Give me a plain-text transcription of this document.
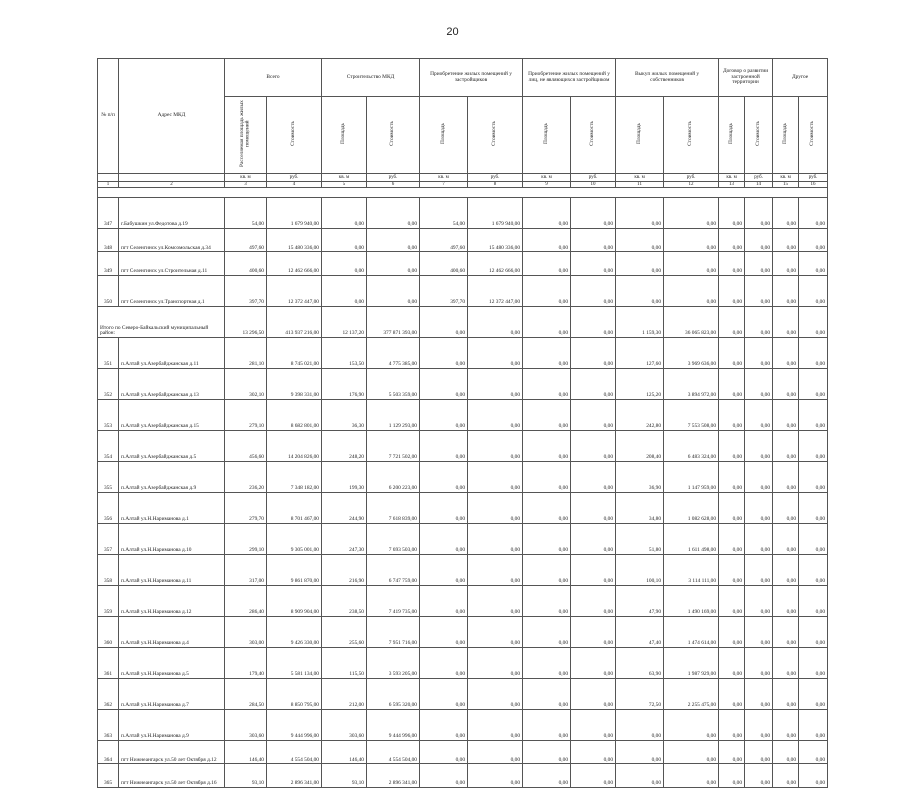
20
№ п/п	Адрес МКД	Всего		Строительство МКД		Приобретение жилых помещений у застройщиков		Приобретение жилых помещений у лиц, не являющихся застройщиком		Выкуп жилых помещений у собственников		Договор о развитии застроенной территории		Другое	
		Расселяемая площадь жилых помещений	Стоимость	Площадь	Стоимость	Площадь	Стоимость	Площадь	Стоимость	Площадь	Стоимость	Площадь	Стоимость	Площадь	Стоимость
		кв. м	руб.	кв. м	руб.	кв. м	руб.	кв. м	руб.	кв. м	руб.	кв. м	руб.	кв. м	руб.
1	2	3	4	5	6	7	8	9	10	11	12	13	14	15	16

347	г.Бабушкин ул.Федотова д.19	54,00	1 679 940,00	0,00	0,00	54,00	1 679 940,00	0,00	0,00	0,00	0,00	0,00	0,00	0,00	0,00
348	пгт Селенгинск ул.Комсомольская д.34	497,60	15 480 336,00	0,00	0,00	497,60	15 480 336,00	0,00	0,00	0,00	0,00	0,00	0,00	0,00	0,00
349	пгт Селенгинск ул.Строительная д.11	400,60	12 462 666,00	0,00	0,00	400,60	12 462 666,00	0,00	0,00	0,00	0,00	0,00	0,00	0,00	0,00
350	пгт Селенгинск ул.Транспортная д.1	397,70	12 372 447,00	0,00	0,00	397,70	12 372 447,00	0,00	0,00	0,00	0,00	0,00	0,00	0,00	0,00
Итого по Северо-Байкальский муниципальный район:		13 296,50	413 937 216,00	12 137,20	377 871 393,00	0,00	0,00	0,00	0,00	1 159,30	36 065 823,00	0,00	0,00	0,00	0,00
351	п.Алтай ул.Азербайджанская д.11	281,10	8 745 021,00	153,50	4 775 385,00	0,00	0,00	0,00	0,00	127,60	3 969 636,00	0,00	0,00	0,00	0,00
352	п.Алтай ул.Азербайджанская д.13	302,10	9 398 331,00	176,90	5 503 359,00	0,00	0,00	0,00	0,00	125,20	3 894 972,00	0,00	0,00	0,00	0,00
353	п.Алтай ул.Азербайджанская д.15	279,10	8 682 801,00	36,30	1 129 293,00	0,00	0,00	0,00	0,00	242,80	7 553 508,00	0,00	0,00	0,00	0,00
354	п.Алтай ул.Азербайджанская д.5	456,60	14 204 826,00	248,20	7 721 502,00	0,00	0,00	0,00	0,00	208,40	6 483 324,00	0,00	0,00	0,00	0,00
355	п.Алтай ул.Азербайджанская д.9	236,20	7 348 182,00	199,30	6 200 223,00	0,00	0,00	0,00	0,00	36,90	1 147 959,00	0,00	0,00	0,00	0,00
356	п.Алтай ул.Н.Нариманова д.1	279,70	8 701 467,00	244,90	7 618 839,00	0,00	0,00	0,00	0,00	34,80	1 082 628,00	0,00	0,00	0,00	0,00
357	п.Алтай ул.Н.Нариманова д.10	299,10	9 305 001,00	247,30	7 693 503,00	0,00	0,00	0,00	0,00	51,80	1 611 498,00	0,00	0,00	0,00	0,00
358	п.Алтай ул.Н.Нариманова д.11	317,00	9 861 870,00	216,90	6 747 759,00	0,00	0,00	0,00	0,00	100,10	3 114 111,00	0,00	0,00	0,00	0,00
359	п.Алтай ул.Н.Нариманова д.12	286,40	8 909 904,00	238,50	7 419 735,00	0,00	0,00	0,00	0,00	47,90	1 490 169,00	0,00	0,00	0,00	0,00
360	п.Алтай ул.Н.Нариманова д.4	303,00	9 426 330,00	255,60	7 951 716,00	0,00	0,00	0,00	0,00	47,40	1 474 614,00	0,00	0,00	0,00	0,00
361	п.Алтай ул.Н.Нариманова д.5	179,40	5 581 134,00	115,50	3 593 205,00	0,00	0,00	0,00	0,00	63,90	1 987 929,00	0,00	0,00	0,00	0,00
362	п.Алтай ул.Н.Нариманова д.7	284,50	8 850 795,00	212,00	6 595 320,00	0,00	0,00	0,00	0,00	72,50	2 255 475,00	0,00	0,00	0,00	0,00
363	п.Алтай ул.Н.Нариманова д.9	303,60	9 444 996,00	303,60	9 444 996,00	0,00	0,00	0,00	0,00	0,00	0,00	0,00	0,00	0,00	0,00
364	пгт Нижнеангарск ул.50 лет Октября д.12	146,40	4 554 504,00	146,40	4 554 504,00	0,00	0,00	0,00	0,00	0,00	0,00	0,00	0,00	0,00	0,00
365	пгт Нижнеангарск ул.50 лет Октября д.16	93,10	2 896 341,00	93,10	2 896 341,00	0,00	0,00	0,00	0,00	0,00	0,00	0,00	0,00	0,00	0,00
